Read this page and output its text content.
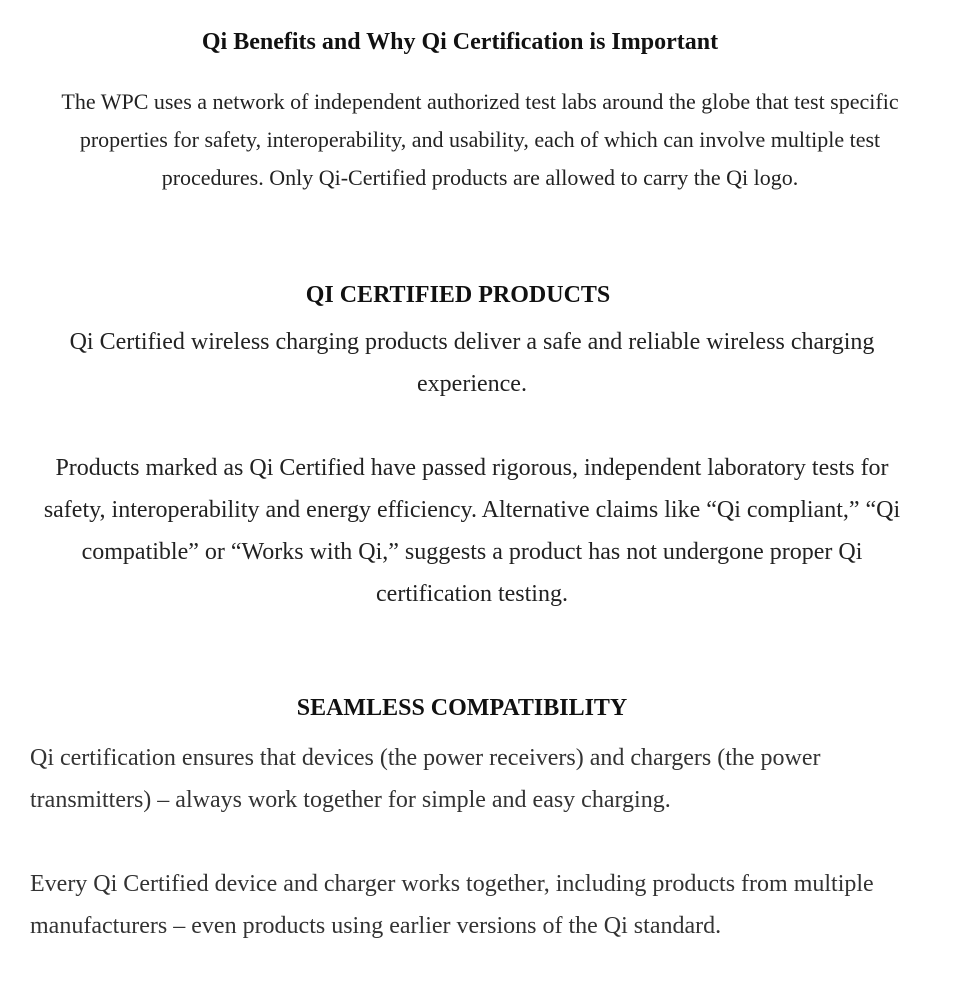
Qi Benefits and Why Qi Certification is Important

The WPC uses a network of independent authorized test labs around the globe that test specific properties for safety, interoperability, and usability, each of which can involve multiple test procedures. Only Qi-Certified products are allowed to carry the Qi logo.

QI CERTIFIED PRODUCTS

Qi Certified wireless charging products deliver a safe and reliable wireless charging experience.

Products marked as Qi Certified have passed rigorous, independent laboratory tests for safety, interoperability and energy efficiency. Alternative claims like “Qi compliant,” “Qi compatible” or “Works with Qi,” suggests a product has not undergone proper Qi certification testing.

SEAMLESS COMPATIBILITY

Qi certification ensures that devices (the power receivers) and chargers (the power transmitters) – always work together for simple and easy charging.

Every Qi Certified device and charger works together, including products from multiple manufacturers – even products using earlier versions of the Qi standard.
